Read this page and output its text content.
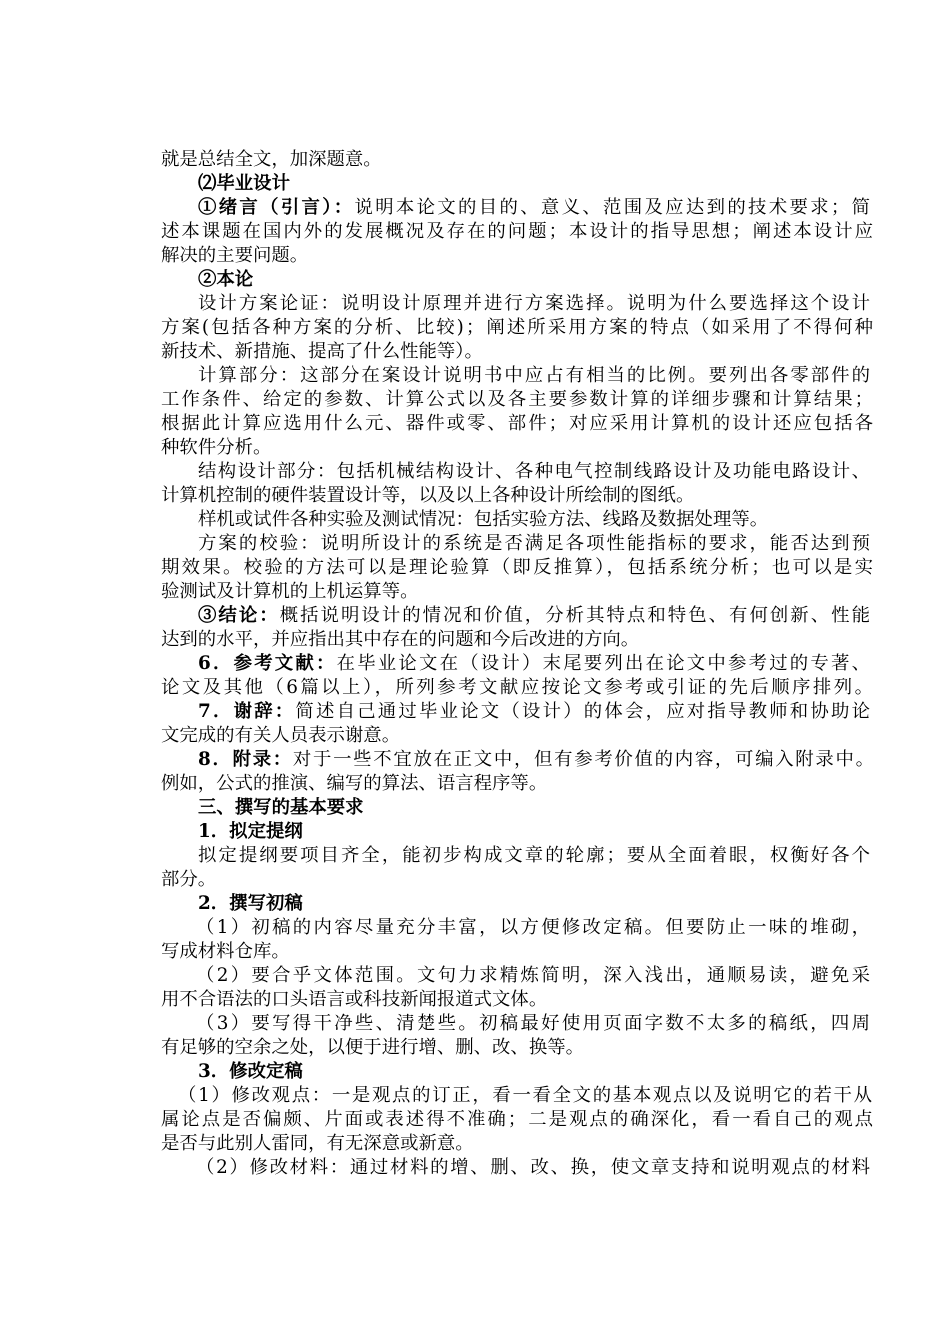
就是总结全文，加深题意。
⑵毕业设计
①绪言（引言）：说明本论文的目的、意义、范围及应达到的技术要求；简
述本课题在国内外的发展概况及存在的问题；本设计的指导思想；阐述本设计应
解决的主要问题。
②本论
设计方案论证：说明设计原理并进行方案选择。说明为什么要选择这个设计
方案(包括各种方案的分析、比较)；阐述所采用方案的特点（如采用了不得何种
新技术、新措施、提高了什么性能等）。
计算部分：这部分在案设计说明书中应占有相当的比例。要列出各零部件的
工作条件、给定的参数、计算公式以及各主要参数计算的详细步骤和计算结果；
根据此计算应选用什么元、器件或零、部件；对应采用计算机的设计还应包括各
种软件分析。
结构设计部分：包括机械结构设计、各种电气控制线路设计及功能电路设计、
计算机控制的硬件装置设计等，以及以上各种设计所绘制的图纸。
样机或试件各种实验及测试情况：包括实验方法、线路及数据处理等。
方案的校验：说明所设计的系统是否满足各项性能指标的要求，能否达到预
期效果。校验的方法可以是理论验算（即反推算），包括系统分析；也可以是实
验测试及计算机的上机运算等。
③结论：概括说明设计的情况和价值，分析其特点和特色、有何创新、性能
达到的水平，并应指出其中存在的问题和今后改进的方向。
6．参考文献：在毕业论文在（设计）末尾要列出在论文中参考过的专著、
论文及其他（6篇以上），所列参考文献应按论文参考或引证的先后顺序排列。
7．谢辞：简述自己通过毕业论文（设计）的体会，应对指导教师和协助论
文完成的有关人员表示谢意。
8．附录：对于一些不宜放在正文中，但有参考价值的内容，可编入附录中。
例如，公式的推演、编写的算法、语言程序等。
三、撰写的基本要求
1．拟定提纲
拟定提纲要项目齐全，能初步构成文章的轮廓；要从全面着眼，权衡好各个
部分。
2．撰写初稿
（1）初稿的内容尽量充分丰富，以方便修改定稿。但要防止一味的堆砌，
写成材料仓库。
（2）要合乎文体范围。文句力求精炼简明，深入浅出，通顺易读，避免采
用不合语法的口头语言或科技新闻报道式文体。
（3）要写得干净些、清楚些。初稿最好使用页面字数不太多的稿纸，四周
有足够的空余之处，以便于进行增、删、改、换等。
3．修改定稿
（1）修改观点：一是观点的订正，看一看全文的基本观点以及说明它的若干从
属论点是否偏颇、片面或表述得不准确；二是观点的确深化，看一看自己的观点
是否与此别人雷同，有无深意或新意。
（2）修改材料：通过材料的增、删、改、换，使文章支持和说明观点的材料
